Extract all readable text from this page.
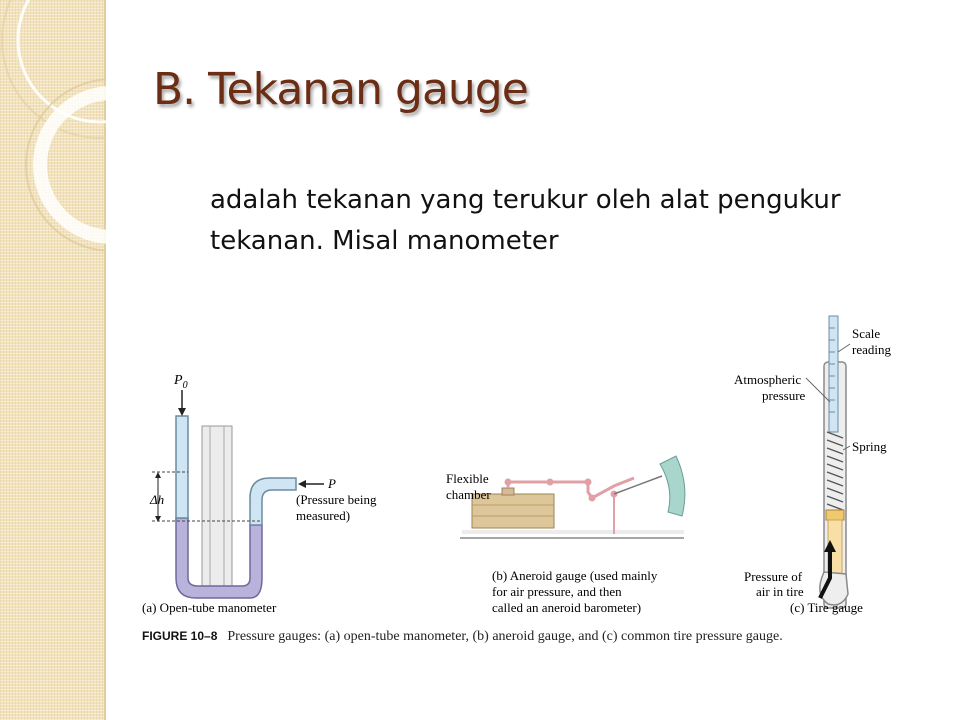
B. Tekanan gauge
adalah tekanan yang terukur oleh alat pengukur tekanan. Misal manometer
$P_0$
Δh
P
(Pressure being
measured)
(a) Open-tube manometer
Flexible
chamber
(b) Aneroid gauge (used mainly
for air pressure, and then
called an aneroid barometer)
Scale
reading
Atmospheric
pressure
Spring
Pressure of
air in tire
(c) Tire gauge
FIGURE 10–8 Pressure gauges: (a) open-tube manometer, (b) aneroid gauge, and (c) common tire pressure gauge.
